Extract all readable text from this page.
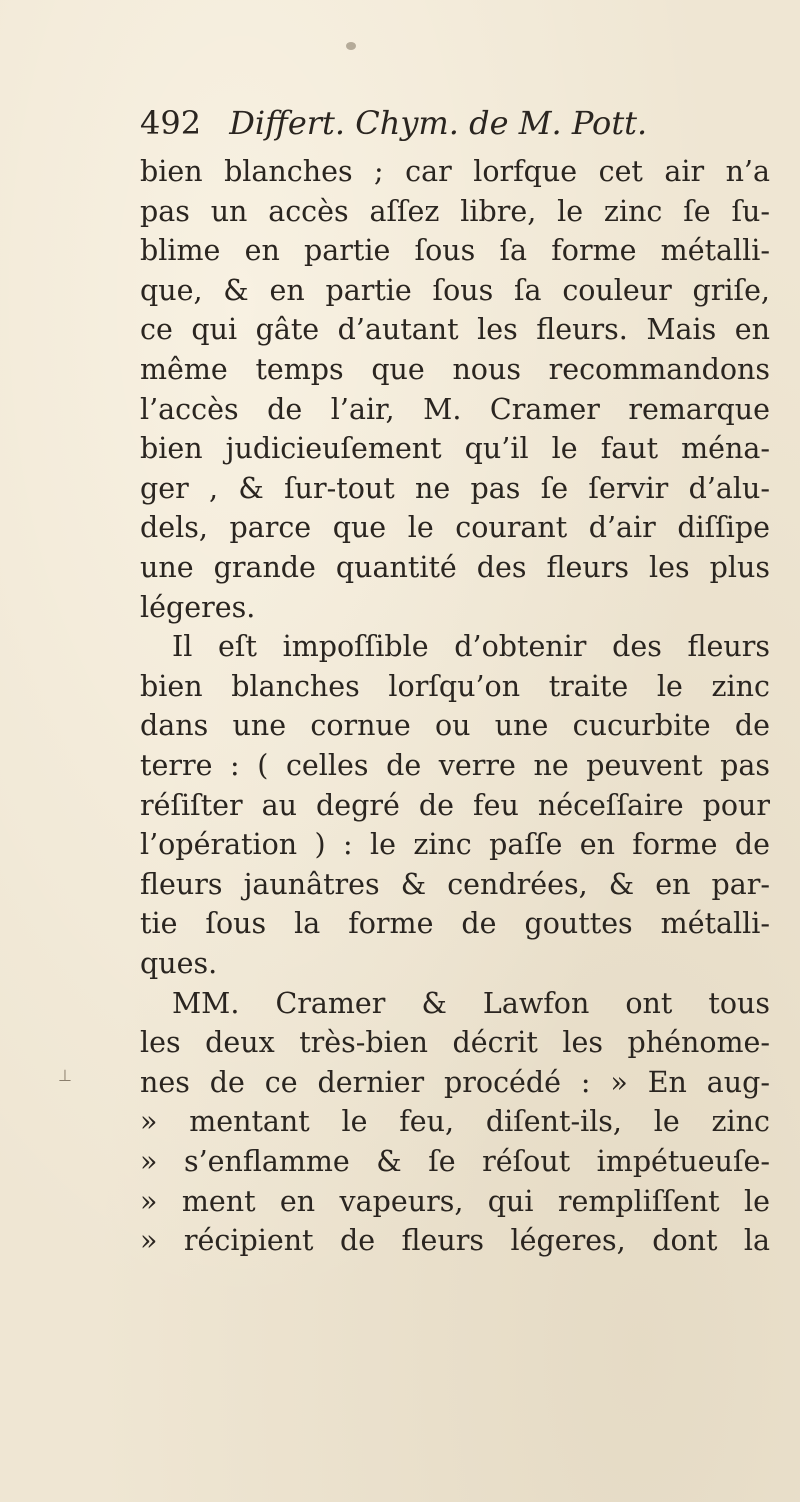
492 Differt. Chym. de M. Pott.
⊥
bien blanches ; car lorfque cet air n’a
pas un accès aſſez libre, le zinc ſe ſu-
blime en partie ſous ſa forme métalli-
que, & en partie ſous ſa couleur griſe,
ce qui gâte d’autant les fleurs. Mais en
même temps que nous recommandons
l’accès de l’air, M. Cramer remarque
bien judicieuſement qu’il le faut ména-
ger , & ſur-tout ne pas ſe ſervir d’alu-
dels, parce que le courant d’air diſſipe
une grande quantité des fleurs les plus
légeres.
Il eſt impoſſible d’obtenir des fleurs
bien blanches lorſqu’on traite le zinc
dans une cornue ou une cucurbite de
terre : ( celles de verre ne peuvent pas
réſiſter au degré de feu néceſſaire pour
l’opération ) : le zinc paſſe en forme de
fleurs jaunâtres & cendrées, & en par-
tie ſous la forme de gouttes métalli-
ques.
MM. Cramer & Lawfon ont tous
les deux très-bien décrit les phénome-
nes de ce dernier procédé : » En aug-
» mentant le feu, diſent-ils, le zinc
» s’enflamme & ſe réſout impétueuſe-
» ment en vapeurs, qui rempliſſent le
» récipient de fleurs légeres, dont la
